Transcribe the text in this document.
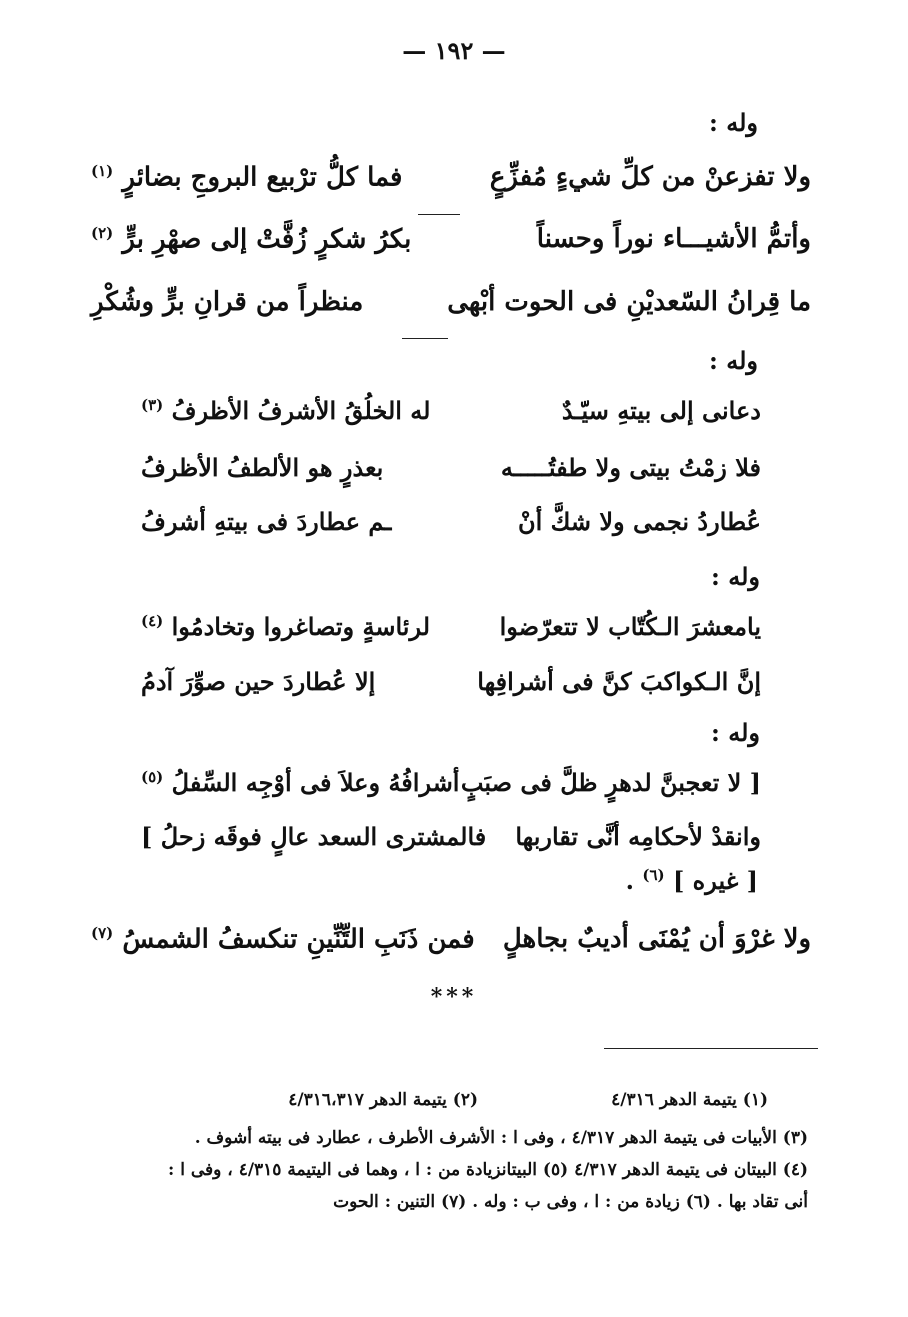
— ١٩٢ —
وله :
ولا تفزعنْ من كلِّ شيءٍ مُفزِّعٍ
فما كلُّ ترْبيع البروجِ بضائرٍ $^{(١)}$
وأتمُّ الأشيـــاء نوراً وحسناً
بكرُ شكرٍ زُفَّتْ إلى صهْرِ برٍّ $^{(٢)}$
ما قِرانُ السّعديْنِ فى الحوت أبْهى
منظراً من قرانِ برٍّ وشُكْرِ
وله :
دعانى إلى بيتهِ سيّـدٌ
له الخلُقُ الأشرفُ الأظرفُ $^{(٣)}$
فلا زمْتُ بيتى ولا طفتُـــــه
بعذرٍ هو الألطفُ الأظرفُ
عُطاردُ نجمى ولا شكَّ أنْ
ـم عطاردَ فى بيتهِ أشرفُ
وله :
يامعشرَ الـكُتّاب لا تتعرّضوا
لرئاسةٍ وتصاغروا وتخادمُوا $^{(٤)}$
إنَّ الـكواكبَ كنَّ فى أشرافِها
إلا عُطاردَ حين صوِّرَ آدمُ
وله :
[ لا تعجبنَّ لدهرٍ ظلَّ فى صبَبٍ
أشرافُهُ وعلاَ فى أوْجِه السِّفلُ $^{(٥)}$
وانقدْ لأحكامِه أنَّى تقاربها
فالمشترى السعد عالٍ فوقَه زحلُ ]
[ غيره ] $^{(٦)}$ .
ولا غرْوَ أن يُمْنَى أديبٌ بجاهلٍ
فمن ذَنَبِ التِّنِّينِ تنكسفُ الشمسُ $^{(٧)}$
***
(١) يتيمة الدهر ٤/٣١٦
(٢) يتيمة الدهر ٤/٣١٦،٣١٧
(٣) الأبيات فى يتيمة الدهر ٤/٣١٧ ، وفى ا : الأشرف الأطرف ، عطارد فى بيته أشوف .
(٤) البيتان فى يتيمة الدهر ٤/٣١٧ (٥) البيتانزيادة من : ا ، وهما فى اليتيمة ٤/٣١٥ ، وفى ا :
أنى تقاد بها . (٦) زيادة من : ا ، وفى ب : وله . (٧) التنين : الحوت
